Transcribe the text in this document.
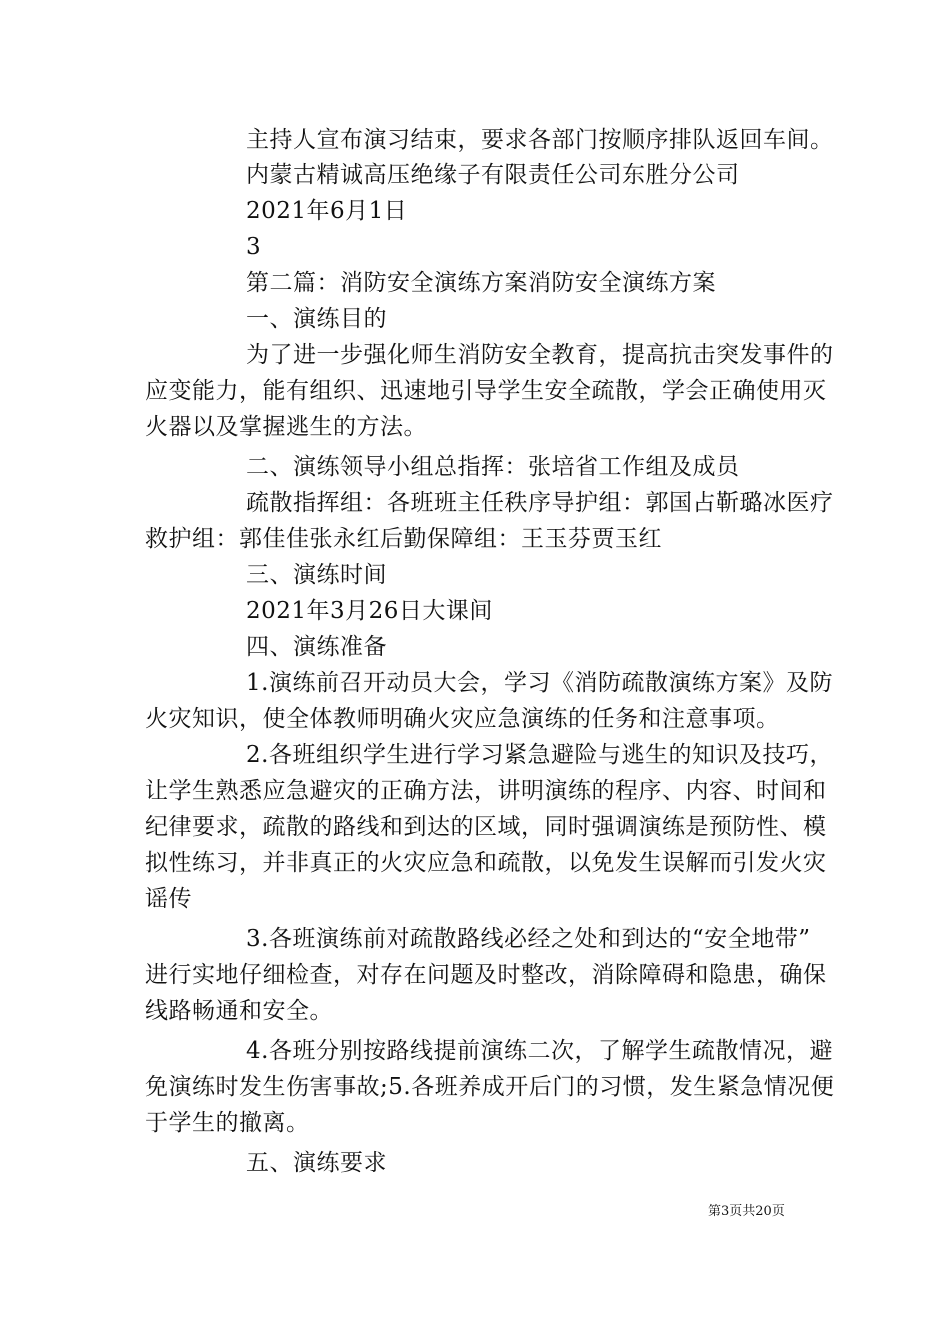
主持人宣布演习结束，要求各部门按顺序排队返回车间。
内蒙古精诚高压绝缘子有限责任公司东胜分公司
2021年6月1日
3
第二篇：消防安全演练方案消防安全演练方案
一、演练目的
为了进一步强化师生消防安全教育，提高抗击突发事件的
应变能力，能有组织、迅速地引导学生安全疏散，学会正确使用灭
火器以及掌握逃生的方法。
二、演练领导小组总指挥：张培省工作组及成员
疏散指挥组：各班班主任秩序导护组：郭国占靳璐冰医疗
救护组：郭佳佳张永红后勤保障组：王玉芬贾玉红
三、演练时间
2021年3月26日大课间
四、演练准备
1.演练前召开动员大会，学习《消防疏散演练方案》及防
火灾知识，使全体教师明确火灾应急演练的任务和注意事项。
2.各班组织学生进行学习紧急避险与逃生的知识及技巧，
让学生熟悉应急避灾的正确方法，讲明演练的程序、内容、时间和
纪律要求，疏散的路线和到达的区域，同时强调演练是预防性、模
拟性练习，并非真正的火灾应急和疏散，以免发生误解而引发火灾
谣传
3.各班演练前对疏散路线必经之处和到达的“安全地带”
进行实地仔细检查，对存在问题及时整改，消除障碍和隐患，确保
线路畅通和安全。
4.各班分别按路线提前演练二次，了解学生疏散情况，避
免演练时发生伤害事故;5.各班养成开后门的习惯，发生紧急情况便
于学生的撤离。
五、演练要求
第3页共20页
